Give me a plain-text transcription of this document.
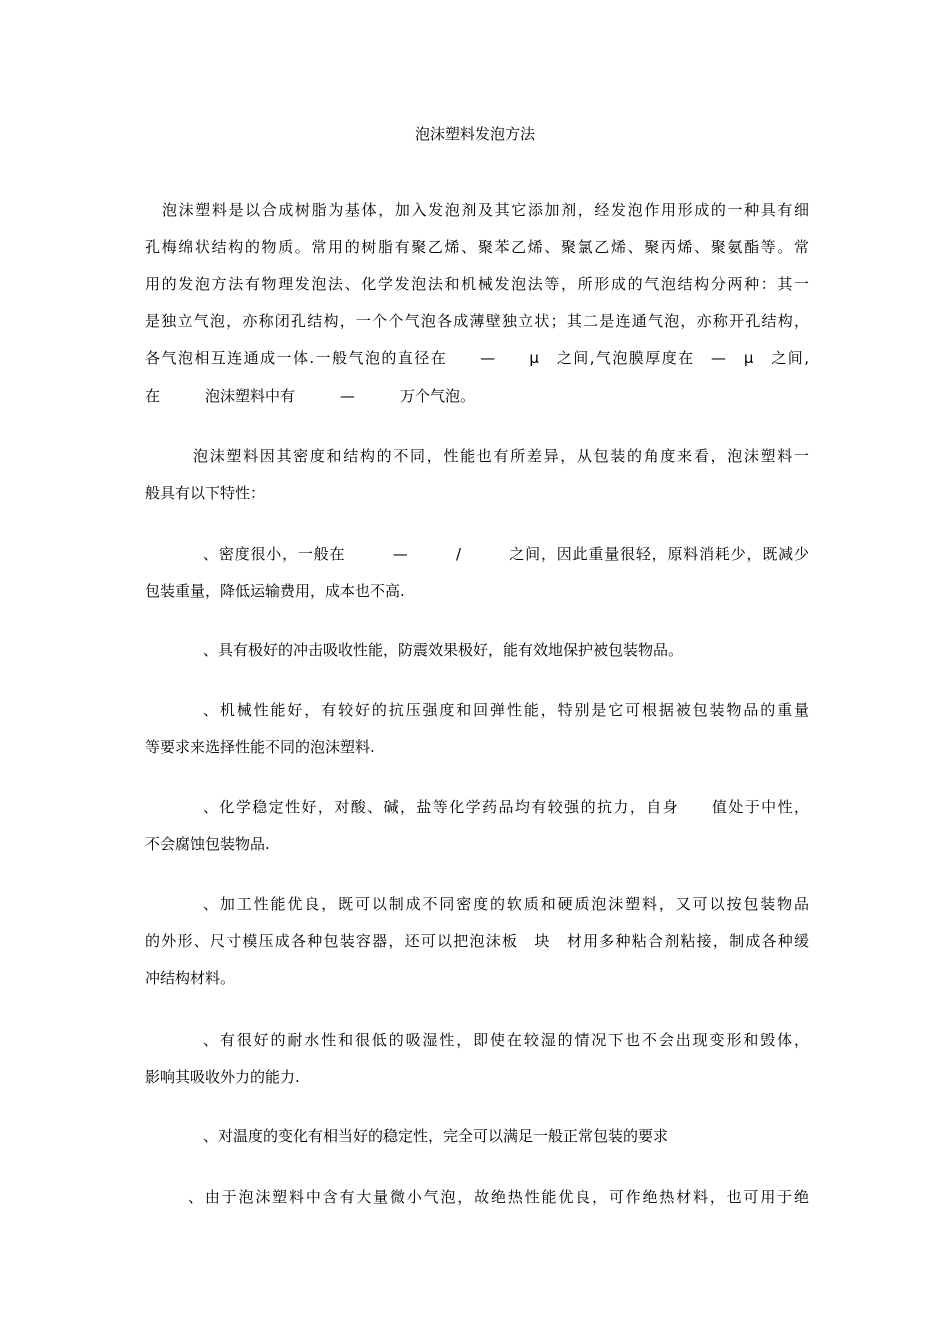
泡沫塑料发泡方法
泡沫塑料是以合成树脂为基体，加入发泡剂及其它添加剂，经发泡作用形成的一种具有细
孔梅绵状结构的物质。常用的树脂有聚乙烯、聚苯乙烯、聚氯乙烯、聚丙烯、聚氨酯等。常
用的发泡方法有物理发泡法、化学发泡法和机械发泡法等，所形成的气泡结构分两种：其一
是独立气泡，亦称闭孔结构，一个个气泡各成薄壁独立状；其二是连通气泡，亦称开孔结构，
各气泡相互连通成一体.一般气泡的直径在　　—　　μ　之间,气泡膜厚度在　—　μ　之间,
在　　　泡沫塑料中有　　　—　　　万个气泡。
泡沫塑料因其密度和结构的不同，性能也有所差异，从包装的角度来看，泡沫塑料一
般具有以下特性：
、密度很小，一般在　　　—　　　/　　　之间，因此重量很轻，原料消耗少，既减少
包装重量，降低运输费用，成本也不高.
、具有极好的冲击吸收性能，防震效果极好，能有效地保护被包装物品。
、机械性能好，有较好的抗压强度和回弹性能，特别是它可根据被包装物品的重量
等要求来选择性能不同的泡沫塑料.
、化学稳定性好，对酸、碱，盐等化学药品均有较强的抗力，自身　　值处于中性，
不会腐蚀包装物品.
、加工性能优良，既可以制成不同密度的软质和硬质泡沫塑料，又可以按包装物品
的外形、尺寸模压成各种包装容器，还可以把泡沫板　块　材用多种粘合剂粘接，制成各种缓
冲结构材料。
、有很好的耐水性和很低的吸湿性，即使在较湿的情况下也不会出现变形和毁体，
影响其吸收外力的能力.
、对温度的变化有相当好的稳定性，完全可以满足一般正常包装的要求
、由于泡沫塑料中含有大量微小气泡，故绝热性能优良，可作绝热材料，也可用于绝
